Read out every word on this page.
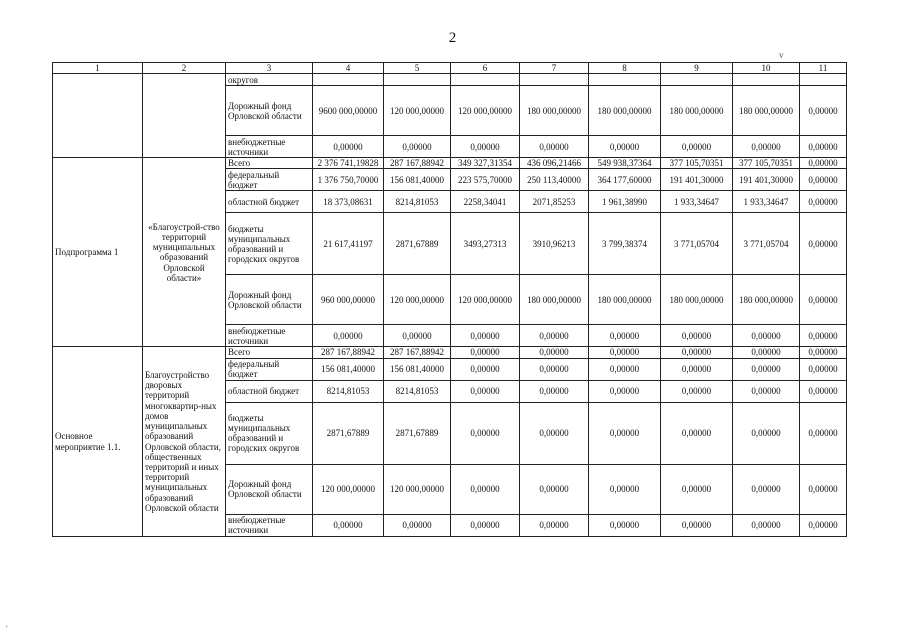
2
v
'
1	2	3	4	5	6	7	8	9	10	11
		округов								
		Дорожный фонд Орловской области	9600 000,00000	120 000,00000	120 000,00000	180 000,00000	180 000,00000	180 000,00000	180 000,00000	0,00000
		внебюджетные источники	0,00000	0,00000	0,00000	0,00000	0,00000	0,00000	0,00000	0,00000
Подпрограмма 1	«Благоустрой-ство территорий муниципальных образований Орловской области»	Всего	2 376 741,19828	287 167,88942	349 327,31354	436 096,21466	549 938,37364	377 105,70351	377 105,70351	0,00000
		федеральный бюджет	1 376 750,70000	156 081,40000	223 575,70000	250 113,40000	364 177,60000	191 401,30000	191 401,30000	0,00000
		областной бюджет	18 373,08631	8214,81053	2258,34041	2071,85253	1 961,38990	1 933,34647	1 933,34647	0,00000
		бюджеты муниципальных образований и городских округов	21 617,41197	2871,67889	3493,27313	3910,96213	3 799,38374	3 771,05704	3 771,05704	0,00000
		Дорожный фонд Орловской области	960 000,00000	120 000,00000	120 000,00000	180 000,00000	180 000,00000	180 000,00000	180 000,00000	0,00000
		внебюджетные источники	0,00000	0,00000	0,00000	0,00000	0,00000	0,00000	0,00000	0,00000
Основное мероприятие 1.1.	Благоустройство дворовых территорий многоквартир-ных домов муниципальных образований Орловской области, общественных территорий и иных территорий муниципальных образований Орловской области	Всего	287 167,88942	287 167,88942	0,00000	0,00000	0,00000	0,00000	0,00000	0,00000
		федеральный бюджет	156 081,40000	156 081,40000	0,00000	0,00000	0,00000	0,00000	0,00000	0,00000
		областной бюджет	8214,81053	8214,81053	0,00000	0,00000	0,00000	0,00000	0,00000	0,00000
		бюджеты муниципальных образований и городских округов	2871,67889	2871,67889	0,00000	0,00000	0,00000	0,00000	0,00000	0,00000
		Дорожный фонд Орловской области	120 000,00000	120 000,00000	0,00000	0,00000	0,00000	0,00000	0,00000	0,00000
		внебюджетные источники	0,00000	0,00000	0,00000	0,00000	0,00000	0,00000	0,00000	0,00000
